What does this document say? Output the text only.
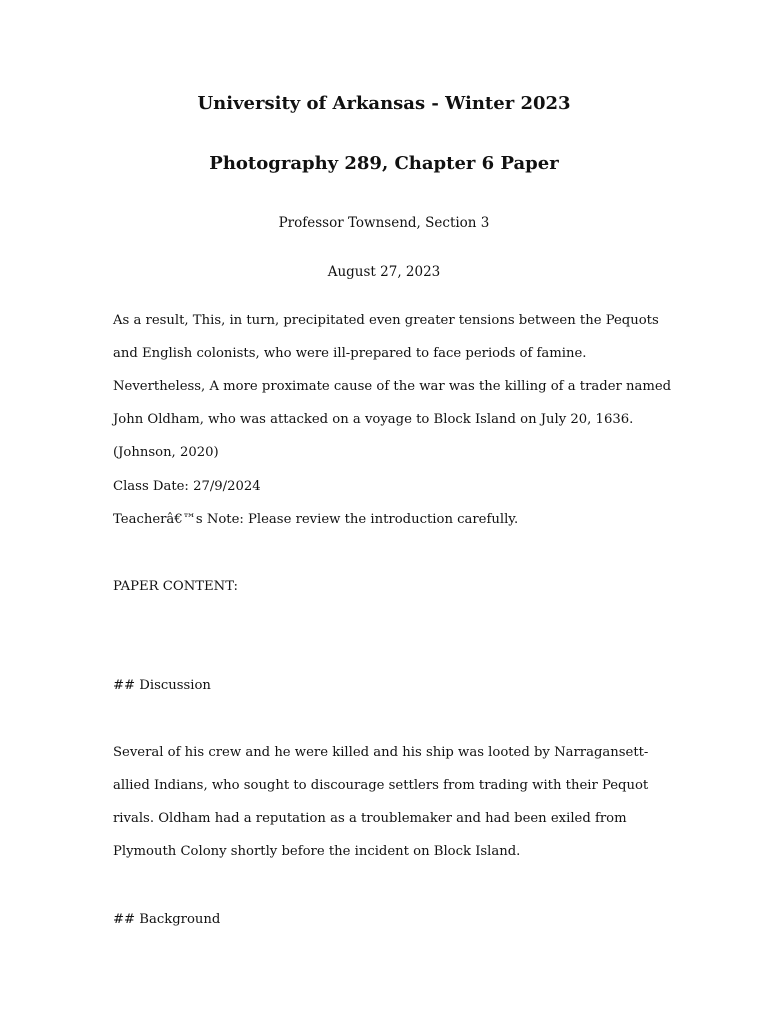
University of Arkansas - Winter 2023
Photography 289, Chapter 6 Paper
Professor Townsend, Section 3
August 27, 2023

As a result, This, in turn, precipitated even greater tensions between the Pequots and English colonists, who were ill-prepared to face periods of famine. Nevertheless, A more proximate cause of the war was the killing of a trader named John Oldham, who was attacked on a voyage to Block Island on July 20, 1636. (Johnson, 2020)

Class Date: 27/9/2024
Teacherâ€™s Note: Please review the introduction carefully.
PAPER CONTENT:
## Discussion

Several of his crew and he were killed and his ship was looted by Narragansett-allied Indians, who sought to discourage settlers from trading with their Pequot rivals. Oldham had a reputation as a troublemaker and had been exiled from Plymouth Colony shortly before the incident on Block Island.

## Background
